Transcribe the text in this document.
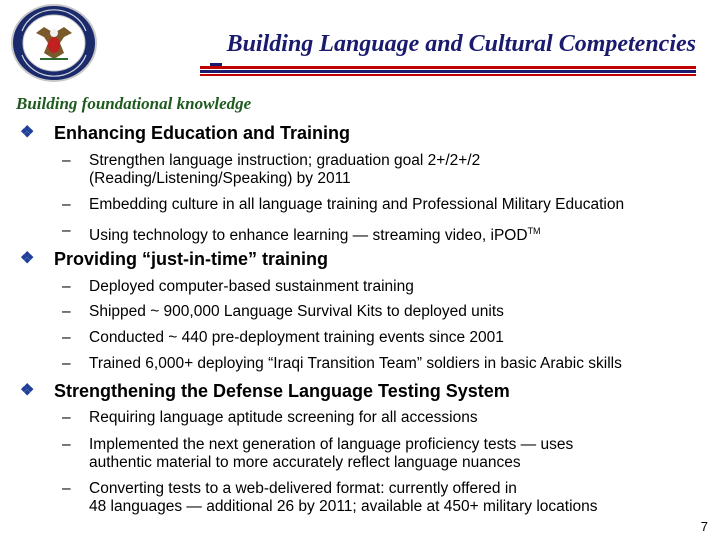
Building Language and Cultural Competencies
Building foundational knowledge
❖ Enhancing Education and Training
– Strengthen language instruction; graduation goal 2+/2+/2
(Reading/Listening/Speaking) by 2011
– Embedding culture in all language training and Professional Military Education
– Using technology to enhance learning — streaming video, iPOD™
❖ Providing “just-in-time” training
– Deployed computer-based sustainment training
– Shipped ~ 900,000 Language Survival Kits to deployed units
– Conducted ~ 440 pre-deployment training events since 2001
– Trained 6,000+ deploying “Iraqi Transition Team” soldiers in basic Arabic skills
❖ Strengthening the Defense Language Testing System
– Requiring language aptitude screening for all accessions
– Implemented the next generation of language proficiency tests — uses
authentic material to more accurately reflect language nuances
– Converting tests to a web-delivered format: currently offered in
48 languages — additional 26 by 2011; available at 450+ military locations
7
